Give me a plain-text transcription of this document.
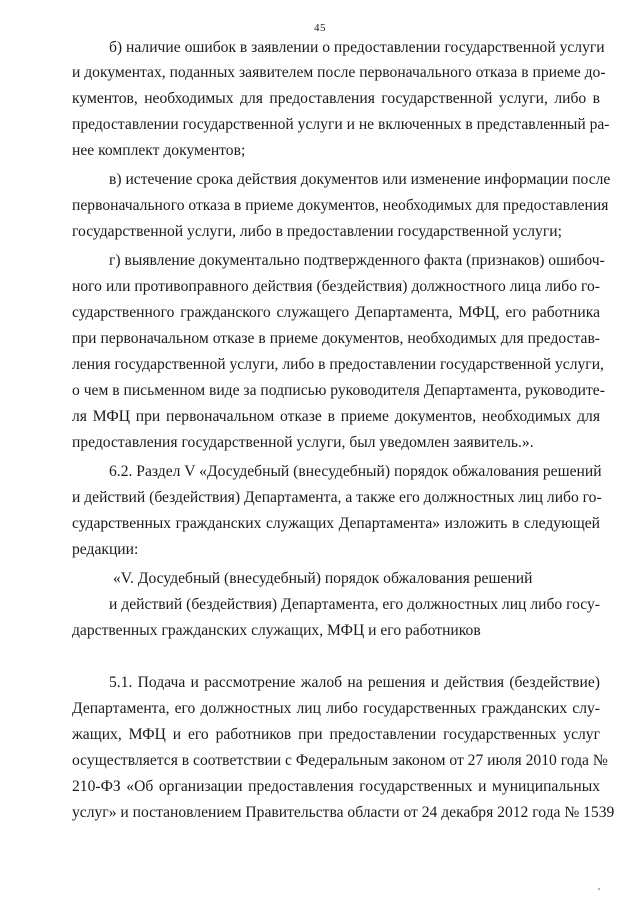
45
б) наличие ошибок в заявлении о предоставлении государственной услуги
и документах, поданных заявителем после первоначального отказа в приеме до-
кументов, необходимых для предоставления государственной услуги, либо в
предоставлении государственной услуги и не включенных в представленный ра-
нее комплект документов;
в) истечение срока действия документов или изменение информации после
первоначального отказа в приеме документов, необходимых для предоставления
государственной услуги, либо в предоставлении государственной услуги;
г) выявление документально подтвержденного факта (признаков) ошибоч-
ного или противоправного действия (бездействия) должностного лица либо го-
сударственного гражданского служащего Департамента, МФЦ, его работника
при первоначальном отказе в приеме документов, необходимых для предостав-
ления государственной услуги, либо в предоставлении государственной услуги,
о чем в письменном виде за подписью руководителя Департамента, руководите-
ля МФЦ при первоначальном отказе в приеме документов, необходимых для
предоставления государственной услуги, был уведомлен заявитель.».
6.2. Раздел V «Досудебный (внесудебный) порядок обжалования решений
и действий (бездействия) Департамента, а также его должностных лиц либо го-
сударственных гражданских служащих Департамента» изложить в следующей
редакции:
«V. Досудебный (внесудебный) порядок обжалования решений
и действий (бездействия) Департамента, его должностных лиц либо госу-
дарственных гражданских служащих, МФЦ и его работников
5.1. Подача и рассмотрение жалоб на решения и действия (бездействие)
Департамента, его должностных лиц либо государственных гражданских слу-
жащих, МФЦ и его работников при предоставлении государственных услуг
осуществляется в соответствии с Федеральным законом от 27 июля 2010 года №
210-ФЗ «Об организации предоставления государственных и муниципальных
услуг» и постановлением Правительства области от 24 декабря 2012 года № 1539
